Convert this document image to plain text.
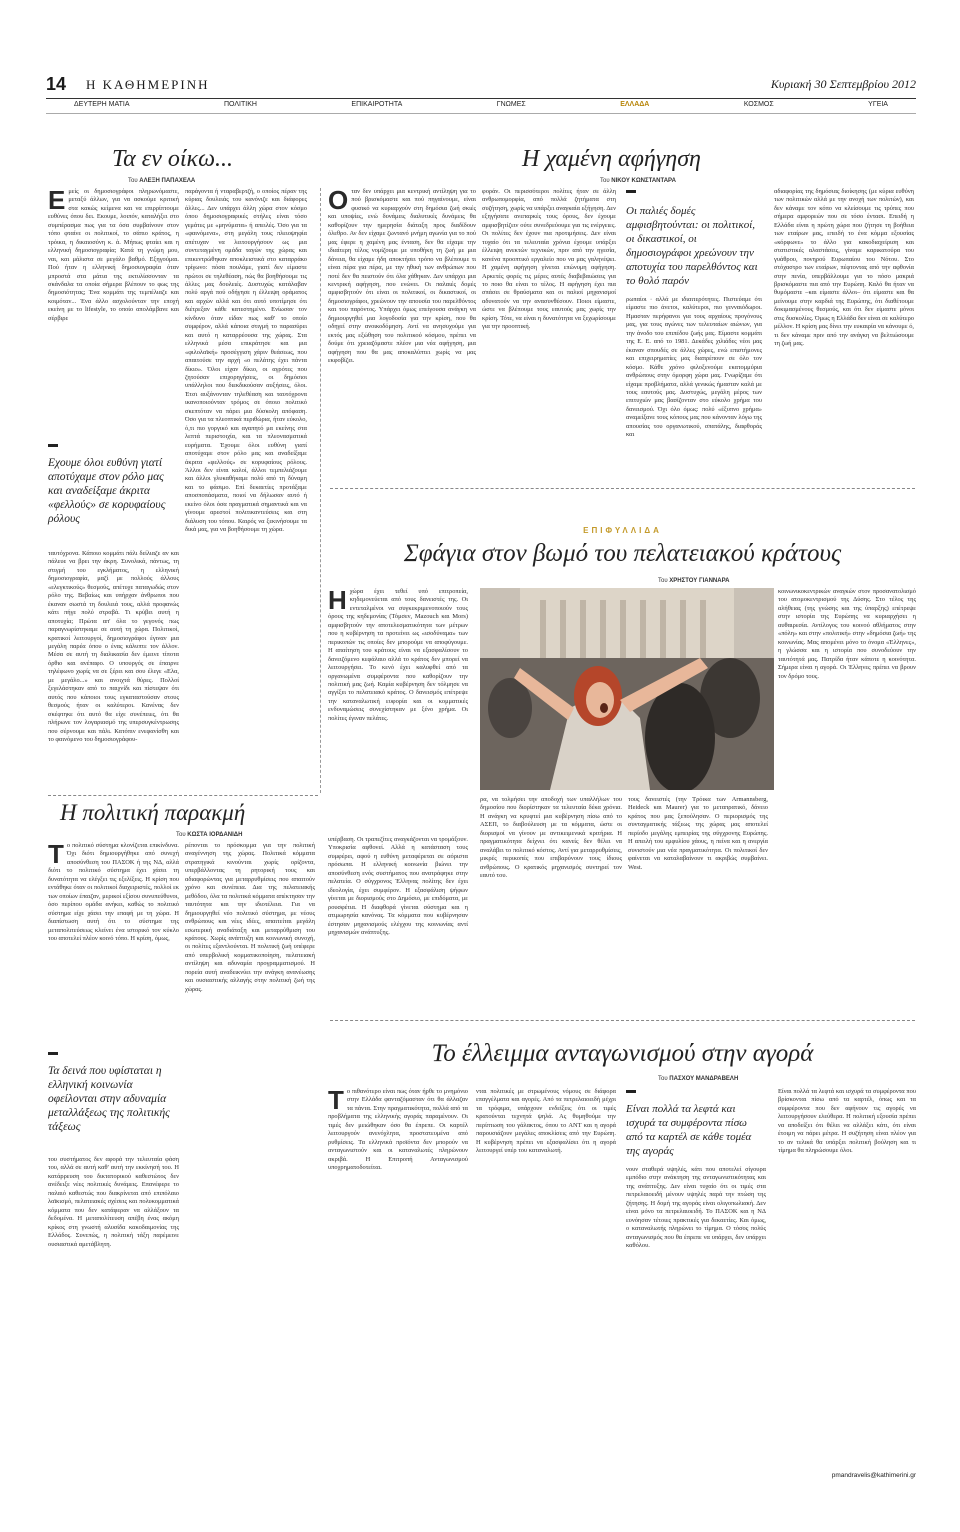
14 Η ΚΑΘΗΜΕΡΙΝΗ	Κυριακή 30 Σεπτεμβρίου 2012
ΔΕΥΤΕΡΗ ΜΑΤΙΑ	ΠΟΛΙΤΙΚΗ	ΕΠΙΚΑΙΡΟΤΗΤΑ	ΓΝΩΜΕΣ	ΕΛΛΑΔΑ	ΚΟΣΜΟΣ	ΥΓΕΙΑ
Τα εν οίκω...
Του ΑΛΕΞΗ ΠΑΠΑΧΕΛΑ
Εμείς οι δημοσιογράφοι πληρωνόμαστε, μεταξύ άλλων, για να ασκούμε κριτική στα κακώς κείμενα και να επιρρίπτουμε ευθύνες όπου δει. Εκουμε, λοιπόν, καταλήξει στο συμπέρασμα πως για τα όσα συμβαίνουν στον τόπο φταίνε οι πολιτικοί, το σάπιο κράτος, η τρόικα, η δικαιοσύνη κ. ά. Μήπως φταίει και η ελληνική δημοσιογραφία; Κατά τη γνώμη μου, ναι, και μάλιστα σε μεγάλο βαθμό. Εξηγούμαι. Πού ήταν η ελληνική δημοσιογραφία όταν μπροστά στα μάτια της εκτυλίσσονταν τα σκάνδαλα τα οποία σήμερα βλέπουν το φως της δημοσιότητας; Ένα κομμάτι της τεμπέλιαζε και κοιμόταν... Ένα άλλο ασχολούνταν την εποχή εκείνη με το lifestyle, το οποίο απολάμβανε και σέρβιρε
Εχουμε όλοι ευθύνη γιατί αποτύχαμε στον ρόλο μας και αναδείξαμε άκριτα «φελλούς» σε κορυφαίους ρόλους
ταυτόχρονα. Κάποιο κομμάτι πάλι δείλιαζε αν και πάλευε να βρει την άκρη. Συνολικά, πάντως, τη στιγμή του εγκλήματος, η ελληνική δημοσιογραφία, μαζί με πολλούς άλλους «ελεγκτικούς» θεσμούς, απέτυχε παταγωδώς στον ρόλο της. Βεβαίως και υπήρχαν άνθρωποι που έκαναν σωστά τη δουλειά τους, αλλά προφανώς κάτι πήγε πολύ στραβά. Τι κρύβει αυτή η αποτυχία; Πρώτα απ' όλα το γεγονός πως παραγνωρίστηκαμε σε αυτή τη χώρα. Πολιτικοί, κρατικοί λειτουργοί, δημοσιογράφοι έγιναν μια μεγάλη παρέα όπου ο ένας κάλυπτε τον άλλον. Μέσα σε αυτή τη διαλικασία δεν έμεινε τίποτα όρθιο και ανέπαφο. Ο υπουργός σε έπαιρνε τηλέφωνο χωρίς να σε ξέρει και σου έλεγε «Ελα, με μεγάλο...» και ανοιχτά θύρες. Πολλοί ξεγελάστηκαν από το παιχνίδι και πίστεψαν ότι αυτός που κάποιοι τους εγκαταστούσαν στους θεσμούς ήταν οι καλύτεροι. Κανένας δεν σκέφτηκε ότι αυτό θα είχε συνέπειες, ότι θα πλήρωνε τον λογαριασμό της υπερσυγκέντρωσης που σέρνουμε και πάλι. Κατόπιν ενεφανίσθη και το φαινόμενο του δημοσιογράφου-
παράγοντα ή νταραβερτζή, ο οποίος πέραν της κύριας δουλειάς του κανόνιζε και διάφορες άλλες... Δεν υπάρχει άλλη χώρα στον κόσμο όπου δημοσιογραφικές στήλες είναι τόσο γεμάτες με «μηνύματα» ή απειλές. Όσο για τα «φαινόμενα», στη μεγάλη τους πλειοψηφία απέτυχαν να λειτουργήσουν ως μια συντεταγμένη ομάδα ταγών της χώρας και επικεντρώθηκαν αποκλειστικά στο καταρράκο τρίγωνο: πόσα πουλάμε, γιατί δεν είμαστε πρώτοι σε τηλεθέαση, πώς θα βοηθήσουμε τις άλλες μας δουλειές. Δυστυχώς κατάλαβαν πολύ αργά πού οδήγησε η έλλειψη οράματος και αρχών αλλά και ότι αυτό υποτίμησε ότι διέτρεξαν κάθε κατεστημένο. Ενίωσαν τον κίνδυνο όταν είδαν πως καθ' το οποίο συμφέρον, αλλά κάποια στιγμή το παρασύρει και αυτό η καταρρέουσα της χώρας. Στα ελληνικά μέσα επικράτησε και μια «φιλολαϊκή» προσέγγιση χάριν θεάσεως, που απαιτούσε την αρχή «ο πελάτης έχει πάντα δίκιο». Όλοι είχαν δίκιο, οι αγρότες που ζητούσαν επιχορηγήσεις, οι δημόσιοι υπάλληλοι που διεκδικούσαν αυξήσεις, όλοι. Έτσι αυξάνονταν τηλεθέαση και ταυτόχρονα ικανοποιούνταν τρόμος σε όποιο πολιτικό σκεπτόταν να πάρει μια δύσκολη απόφαση. Όσο για τα πλεοπτικά περιθώρια, ήταν εύκολο, ό,τι πιο γοργικό και αγαπητό μα εκείνης στα λεπτά περιστοιχία, και τα πλεονασματικά ευρήματα. Έχουμε όλοι ευθύνη γιατί αποτύχαμε στον ρόλο μας και αναδείξαμε άκριτα «φελλούς» σε κορυφαίους ρόλους. Άλλοι δεν είναι καλοί, άλλοι τεμπελιάζουμε και άλλοι γλυκαθήκαμε πολύ από τη δύναμη και το φάσιμο. Επί δεκαετίες προτάξαμε αποσποπάσματα, ποιοί να δήλωσαν αυτό ή εκείνο όλοι όσα πραγματικά σημαντικά και να γίνουμε αρεστοί πολιτικαντεύσεις και στη διάλυση του τόπου. Καιρός να ξεκινήσουμε τα δικά μας, για να βοηθήσουμε τη χώρα.
Η χαμένη αφήγηση
Του ΝΙΚΟΥ ΚΩΝΣΤΑΝΤΑΡΑ
Οταν δεν υπάρχει μια κεντρική αντίληψη για το πού βρισκόμαστε και πού πηγαίνουμε, είναι φυσικό να κυριαρχούν στη δημόσια ζωή σκιές και υποψίες, ενώ δυνάμεις διαλυτικές δυνάμεις θα καθορίζουν την ημερησία διάταξη προς διαδίδουν όλεθρο. Αν δεν είχαμε ζωντανό μνήμη αγωνία για το πού μας έφερε η χαμένη μας ένταση, δεν θα είχαμε την ιδιαίτερη τέλος νομίζουμε με υποθήκη τη ζωή με μια δάνεια, θα είχαμε ήδη αποκτήσει τρόπο να βλέπουμε τι είναι πέρα για πέρα, με την ηθική των ανθρώπων που ποτέ δεν θα πειστούν ότι όλα χάθηκαν. Δεν υπάρχει μια κεντρική αφήγηση, που ενώνει. Οι παλαιές δομές αμφισβητούν ότι είναι οι πολιτικοί, οι δικαστικοί, οι δημοσιογράφοι, χρεώνουν την απουσία του παρελθόντος και του παρόντος. Υπάρχει όμως επείγουσα ανάγκη να δημιουργηθεί μια λογοδοσία για την κρίση, που θα οδηγεί στην ανοικοδόμηση. Αντί να ανησυχούμε για εκτός μας εξώθηση του πολιτικού κόσμου, πρέπει να δούμε ότι χρειαζόμαστε πλέον μια νέα αφήγηση, μια αφήγηση που θα μας αποκαλύπτει χωρίς να μας εκφοβίζει.
φοράν. Οι περισσότεροι πολίτες ήταν σε άλλη ανθρωπομορφία, από πολλά ζητήματα στη συζήτηση, χωρίς να υπάρξει αναγκαία εξήγηση. Δεν εξηγήσατε ανεπαρκές τους όρους, δεν έχουμε αμφισβητίζειν ούτε συνεδρεύουμε για τις ενέργειες. Οι πολίτες δεν έχουν πια προτιμήσεις. Δεν είναι τυχαίο ότι τα τελευταία χρόνια έχουμε υπάρξει έλλειψη ανεκτών τεχνικών, πριν από την ηγεσία, κανένα προοπτικό εργαλείο που να μας γαληνέψει. Η χαμένη αφήγηση γίνεται επώνυμη αφήγηση. Αρκετές φορές τις μέρες αυτές διαβεβαιώσεις για το ποιο θα είναι το τέλος. Η αφήγηση έχει πια σπάσει σε θραύσματα και οι παλιοί μηχανισμοί αδυνατούν να την ανασυνθέσουν. Ποιοι είμαστε, ώστε να βλέπουμε τους εαυτούς μας χωρίς την κρίση. Τότε, να είναι η δυνατότητα να ξεχωρίσουμε για την προοπτική.
Οι παλιές δομές αμφισβητούνται: οι πολιτικοί, οι δικαστικοί, οι δημοσιογράφοι χρεώνουν την αποτυχία του παρελθόντος και το θολό παρόν
ρωπαίοι · αλλά με ιδιαιτερότητες. Πιστεύαμε ότι είμαστε πιο άνετοι, καλύτεροι, πιο γενναιόδωροι. Ημασταν περήφανοι για τους αρχαίους προγόνους μας, για τους αγώνες των τελευταίων αιώνων, για την άνοδο του επιπέδου ζωής μας. Είμαστε κομμάτι της Ε. Ε. από το 1981. Δεκάδες χιλιάδες νέοι μας έκαναν σπουδές σε άλλες χώρες, ενώ επιστήμονες και επιχειρηματίες μας διαπρέπουν σε όλο τον κόσμο. Κάθε χρόνο φιλοξενούμε εκατομμύρια ανθρώπους στην όμορφη χώρα μας. Γνωρίζαμε ότι είχαμε προβλήματα, αλλά γενικώς ήμασταν καλά με τους εαυτούς μας. Δυστυχώς, μεγάλη μέρος των επιτυχιών μας βασίζονταν στο εύκολο χρήμα του δανεισμού. Όχι όλο όμως: πολύ «έξυπνο χρήμα» αναμείξανε τους κόπους μας που κάνονταν λόγω της απουσίας του οργανωτικού, σπατάλης, διαφθοράς και
αδιαφορίας της δημόσιας διοίκησης (με κύρια ευθύνη των πολιτικών αλλά με την ανοχή των πολιτών), και δεν κάναμε τον κόπο να κλείσουμε τις τρύπες που σήμερα αμφορεών που σε τόσο έντασι. Επειδή η Ελλάδα είναι η πρώτη χώρα που ζήτησε τη βοήθεια των εταίρων μας, επειδή το ένα κόμμα εξουσίας «κόρφωνε» το άλλο για κακοδιαχείριση και στατιστικές αλαστάσεις, γίναμε καρικατούρα του γυάθρου, πονηρού Ευρωπαίου του Νότου. Στο στόχαστρο των εταίρων, πέφτοντας από την αφθονία στην πενία, υπερβάλλουμε για το πόσο μακριά βρισκόμαστε πια από την Ευρώπη. Καλό θα ήταν να θυμόμαστε –και είμαστε άλλοι– ότι είμαστε και θα μείνουμε στην καρδιά της Ευρώπης, ότι διαθέτουμε δοκιμασμένους θεσμούς, και ότι δεν είμαστε μόνοι στις δυσκολίες. Όμως η Ελλάδα δεν είναι σε καλύτερο μέλλον. Η κρίση μας δίνει την ευκαιρία να κάνουμε ό, τι δεν κάναμε πριν από την ανάγκη να βελτιώσουμε τη ζωή μας.
ΕΠΙΦΥΛΛΙΔΑ
Σφάγια στον βωμό του πελατειακού κράτους
Του ΧΡΗΣΤΟΥ ΓΙΑΝΝΑΡΑ
Ηχώρα έχει τεθεί υπό επιτροπεία, κηδεμονεύεται από τους δανειστές της. Οι εντεταλμένοι να συγκεκριμενοποιούν τους όρους της κηδεμονίας (Τόμσεν, Mazouch και Mors) αμφισβητούν την αποτελεσματικότητα των μέτρων που η κυβέρνηση τα προτείνει ως «ισοδύναμα» των περικοπών τις οποίες δεν μπορούμε να αποφύγουμε. Η απαίτηση του κράτους είναι να εξασφαλίσουν το δανειζόμενο κεφάλαιο αλλά το κράτος δεν μπορεί να λειτουργήσει. Το κενό έχει καλυφθεί από τα οργανωμένα συμφέροντα που καθορίζουν την πολιτική μας ζωή. Καμία κυβέρνηση δεν τόλμησε να αγγίξει το πελατειακό κράτος. Ο δανεισμός επέτρεψε την καταναλωτική ευφορία και οι κομματικές ενδυναμώσεις συνεχίστηκαν με ξένο χρήμα. Οι πολίτες έγιναν πελάτες.
ρα, να τολμήσει την αποδοχή των υπαλλήλων του δημοσίου που διορίστηκαν τα τελευταία δέκα χρόνια. Η ανάγκη να κρυφτεί μια κυβέρνηση πίσω από το ΑΣΕΠ, το διαβούλευση με τα κόμματα, ώστε οι διορισμοί να γίνουν με αντικειμενικά κριτήρια. Η πραγματικότητα δείχνει ότι κανείς δεν θέλει να αναλάβει το πολιτικό κόστος. Αντί για μεταρρυθμίσεις, μικρές περικοπές που επιβαρύνουν τους ίδιους ανθρώπους. Ο κρατικός μηχανισμός συντηρεί τον εαυτό του.
τους δανειστές (την Τρόικα των Armannsberg, Heideck και Maurer) για το μεταπρατικό, δάνειο κράτος που μας ξεπούλησαν. Ο περιορισμός της συνταγματικής τάξεως της χώρας μας αποτελεί περίοδο μεγάλης εμπειρίας της σύγχρονης Ευρώπης. Η απειλή του εμφυλίου χάους, η πείνα και η ανεργία συνιστούν μια νέα πραγματικότητα. Οι πολιτικοί δεν φαίνεται να καταλαβαίνουν τι ακριβώς συμβαίνει. West.
κοινωνικοκεντρικών αναγκών στον προσανατολισμό του ατομοκεντρισμού της Δύσης. Στο τέλος της αλήθειας (της γνώσης και της ύπαρξης) επέτρεψε στην ιστορία της Ευρώπης να κυριαρχήσει η αυθαιρεσία. Αντίλογος του κοινού αθλήματος στην «πόλη» και στην «πολιτική» στην «δημόσια ζωή» της κοινωνίας. Μας απομένει μόνο το όνομα «Έλληνες», η γλώσσα και η ιστορία που συνοδεύουν την ταυτότητά μας. Πατρίδα ήταν κάποτε η κοινότητα. Σήμερα είναι η αγορά. Οι Έλληνες πρέπει να βρουν τον δρόμο τους.
υπέρβαση. Οι τραπεζίτες αναγκάζονται να τρομάξουν. Υποκρισία αφθονεί. Αλλά η κατάσταση τους συμφέρει, αφού η ευθύνη μεταφέρεται σε αόριστα πρόσωπα. Η ελληνική κοινωνία βιώνει την αποσύνθεση ενός συστήματος που ανατράφηκε στην πελατεία. Ο σύγχρονος Έλληνας πολίτης δεν έχει ιδεολογία, έχει συμφέρον. Η εξασφάλιση ψήφων γίνεται με διορισμούς στο Δημόσιο, με επιδόματα, με ρουσφέτια. Η διαφθορά γίνεται σύστημα και η ατιμωρησία κανόνας. Τα κόμματα που κυβέρνησαν έστησαν μηχανισμούς ελέγχου της κοινωνίας αντί μηχανισμών ανάπτυξης.
Η πολιτική παρακμή
Του ΚΩΣΤΑ ΙΟΡΔΑΝΙΔΗ
Το πολιτικό σύστημα κλονίζεται επικίνδυνα. Όχι διότι δημιουργήθηκε από συνεχή αποσύνθεση του ΠΑΣΟΚ ή της ΝΔ, αλλά διότι το πολιτικό σύστημα έχει χάσει τη δυνατότητα να ελέγξει τις εξελίξεις. Η κρίση που εντάθηκε όταν οι πολιτικοί διαχειριστές, πολλοί εκ των οποίων έπαιζαν, μερικοί εξίσου συνυπεύθυνοι, όσο περίπου ομάδα ανήκει, καθώς το πολιτικό σύστημα είχε χάσει την επαφή με τη χώρα. Η διαπίστωση αυτή ότι το σύστημα της μεταπολιτεύσεως κλείνει ένα ιστορικό τον κύκλο του αποτελεί πλέον κοινό τόπο. Η κρίση, όμως,
Τα δεινά που υφίσταται η ελληνική κοινωνία οφείλονται στην αδυναμία μεταλλάξεως της πολιτικής τάξεως
του συστήματος δεν αφορά την τελευταία φάση του, αλλά σε αυτή καθ' αυτή την εκκίνησή του. Η κατάρρευση του δικτατορικού καθεστώτος δεν ανέδειξε νέες πολιτικές δυνάμεις. Επανέφερε το παλαιό καθεστώς που διακρίνεται από επιπόλαιο λαϊκισμό, πελατειακές σχέσεις και πολυκομματικά κόμματα που δεν κατάφεραν να αλλάξουν τα δεδομένα. Η μεταπολίτευση απέβη ένας ακόμη κρίκος στη γνωστή αλυσίδα κακοδαιμονίας της Ελλάδος. Συνεπώς, η πολιτική τάξη παρέμεινε ουσιαστικά αμετάβλητη.
ρέπονται το πρόσκομμα για την πολιτική αναγέννηση της χώρας. Πολιτικά κόμματα στρατηγικά κινούνται χωρίς ορίζοντα, υπερβάλλοντας τη ρητορική τους και αδιαφορώντας για μεταρρυθμίσεις που απαιτούν χρόνο και συνέπεια. Δια της πελατειακής μεθόδου, όλα τα πολιτικά κόμματα απέκτησαν την ταυτότητα και την ιδιοτέλεια. Για να δημιουργηθεί νέο πολιτικό σύστημα, με νέους ανθρώπους και νέες ιδέες, απαιτείται μεγάλη εσωτερική αναδιάταξη και μεταρρύθμιση του κράτους. Χωρίς ανάπτυξη και κοινωνική συνοχή, οι πολίτες εξαντλούνται. Η πολιτική ζωή υπέφερε από υπερβολική κομματικοποίηση, πελατειακή αντίληψη και αδυναμία προγραμματισμού. Η πορεία αυτή αναδεικνύει την ανάγκη ανανέωσης και ουσιαστικής αλλαγής στην πολιτική ζωή της χώρας.
Το έλλειμμα ανταγωνισμού στην αγορά
Του ΠΑΣΧΟΥ ΜΑΝΔΡΑΒΕΛΗ
Το πιθανότερο είναι πως όταν ήρθε το μνημόνιο στην Ελλάδα φανταζόμασταν ότι θα άλλαζαν τα πάντα. Στην πραγματικότητα, πολλά από τα προβλήματα της ελληνικής αγοράς παραμένουν. Οι τιμές δεν μειώθηκαν όσο θα έπρεπε. Οι καρτέλ λειτουργούν ανενόχλητα, προστατευμένα από ρυθμίσεις. Τα ελληνικά προϊόντα δεν μπορούν να ανταγωνιστούν και οι καταναλωτές πληρώνουν ακριβά. Η Επιτροπή Ανταγωνισμού υποχρηματοδοτείται.
νται πολιτικές με στρωμένους νόμους σε διάφορα επαγγέλματα και αγορές. Από τα πετρελαιοειδή μέχρι τα τρόφιμα, υπάρχουν ενδείξεις ότι οι τιμές κρατούνται τεχνητά ψηλά. Ας θυμηθούμε την περίπτωση του γάλακτος, όπου το ΑΝΤ και η αγορά παρουσιάζουν μεγάλες αποκλίσεις από την Ευρώπη. Η κυβέρνηση πρέπει να εξασφαλίσει ότι η αγορά λειτουργεί υπέρ του καταναλωτή.
Είναι πολλά τα λεφτά και ισχυρά τα συμφέροντα πίσω από τα καρτέλ σε κάθε τομέα της αγοράς
νουν σταθερά υψηλές, κάτι που αποτελεί σίγουρα εμπόδιο στην ανάκτηση της ανταγωνιστικότητας και της ανάπτυξης. Δεν είναι τυχαίο ότι οι τιμές στα πετρελαιοειδή μένουν υψηλές παρά την πτώση της ζήτησης. Η δομή της αγοράς είναι ολιγοπωλιακή. Δεν είναι μόνο τα πετρελαιοειδή. Το ΠΑΣΟΚ και η ΝΔ ευνόησαν τέτοιες πρακτικές για δεκαετίες. Και όμως, ο καταναλωτής πληρώνει το τίμημα. Ο τόσος πολύς ανταγωνισμός που θα έπρεπε να υπάρχει, δεν υπάρχει καθόλου.
Είναι πολλά τα λεφτά και ισχυρά τα συμφέροντα που βρίσκονται πίσω από τα καρτέλ, όπως και τα συμφέροντα που δεν αφήνουν τις αγορές να λειτουργήσουν ελεύθερα. Η πολιτική εξουσία πρέπει να αποδείξει ότι θέλει να αλλάξει κάτι, ότι είναι έτοιμη να πάρει μέτρα. Η συζήτηση είναι πλέον για το αν τελικά θα υπάρξει πολιτική βούληση και τι τίμημα θα πληρώσουμε όλοι.
pmandravelis@kathimerini.gr
